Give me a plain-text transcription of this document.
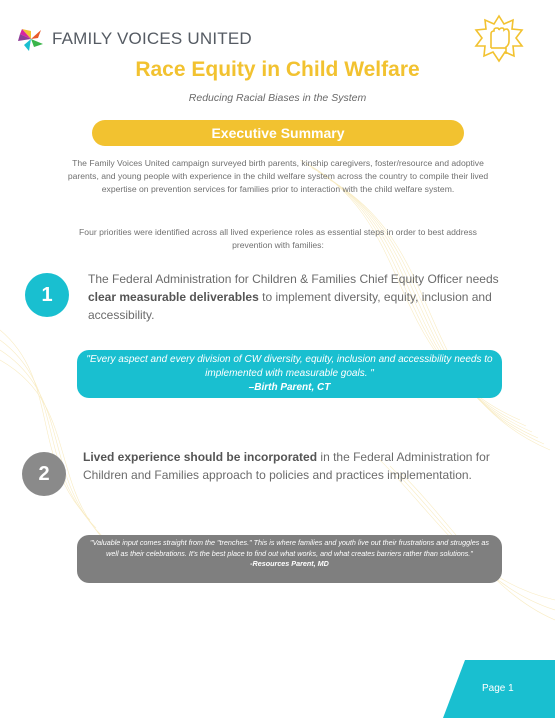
FAMILY VOICES UNITED
Race Equity in Child Welfare
Reducing Racial Biases in the System
Executive Summary

The Family Voices United campaign surveyed birth parents, kinship caregivers, foster/resource and adoptive parents, and young people with experience in the child welfare system across the country to compile their lived expertise on prevention services for families prior to interaction with the child welfare system.

Four priorities were identified across all lived experience roles as essential steps in order to best address prevention with families:

1

The Federal Administration for Children & Families Chief Equity Officer needs clear measurable deliverables to implement diversity, equity, inclusion and accessibility.

"Every aspect and every division of CW diversity, equity, inclusion and accessibility needs to implemented with measurable goals. "
–Birth Parent, CT
2

Lived experience should be incorporated in the Federal Administration for Children and Families approach to policies and practices implementation.

"Valuable input comes straight from the "trenches." This is where families and youth live out their frustrations and struggles as well as their celebrations. It's the best place to find out what works, and what creates barriers rather than solutions."
-Resources Parent, MD
Page 1
